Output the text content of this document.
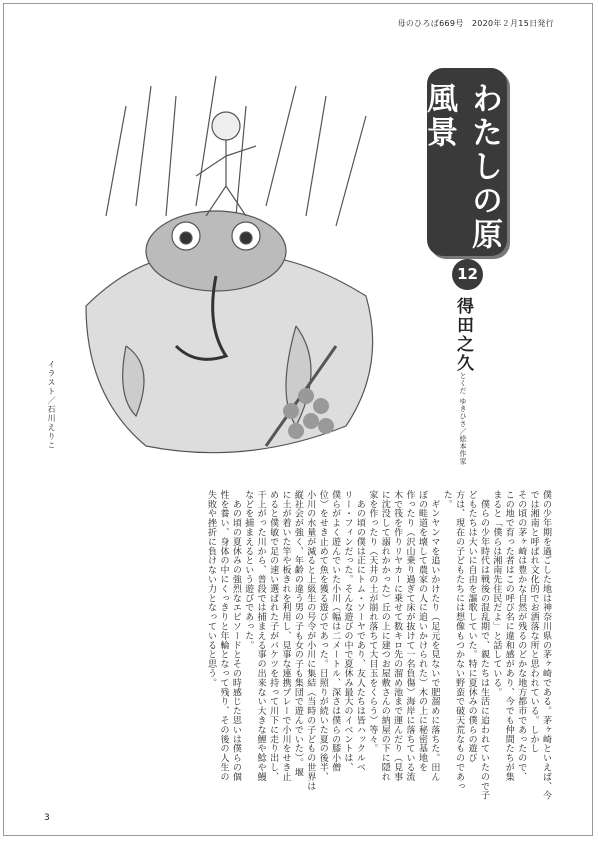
母のひろば669号　2020年２月15日発行
イラスト／石川えりこ
わたしの原風景
12
得田之久
とくだ ゆきひさ／絵本作家
僕の少年期を過ごした地は神奈川県の茅ヶ崎である。茅ヶ崎といえば、今では湘南と呼ばれ文化的でお洒落な所と思われている。しかし
その頃の茅ヶ崎は豊かな自然が残るのどかな地方都市であったので、
この地で育った者はこの呼び名に違和感があり、今でも仲間たちが集
まると「僕らは湘南先住民だよ」と話している。
　僕らの少年時代は戦後の混乱期で、親たちは生活に追われていたので子どもたちは大いに自由を謳歌していた。特に夏休みの僕らの遊び
方は、現在の子どもたちには想像もつかない野蛮で破天荒なものであった。
　ギンヤンマを追いかけたり（足元を見ないで肥溜めに落ちた。田ん
ぼの畦道を壊して農家の人に追いかけられた）木の上に秘密基地を
作ったり（沢山乗り過ぎて床が抜けて一名負傷）海岸に落ちている流
木で筏を作りリヤカーに乗せて数キロ先の溜め池まで運んだり（見事
に沈没して溺れかかった）丘の上に建つお屋敷さんの納屋の下に隠れ
家を作ったり（天井の土が崩れ落ちて大目玉をくらう）等々。
　あの頃の僕は正にトム・ソーヤであり、友人たちは皆ハックルベ
リー・フィンだった。そんな遊びの中で夏休み最大のイベントは、
僕らがよく遊んでいた小川（幅は二メートル、深さは僕らの膝小僧
位）をせき止めて魚を獲る遊びであった。日照りが続いた夏の後半、
小川の水量が減ると上級生の号令が小川に集結（当時の子どもの世界は
縦社会が強く、年齢の違う男の子も女の子も集団で遊んでいた）。堰
に土が着いた竿や板きれを利用し、見事な連携プレーで小川をせき止
めると僕敏で足の速い選ばれた子がバケツを持って川下に走り出し、
干上がった川から、普段では捕まえる事の出来ない大きな鯉や鯰や鰻
などを捕まえるという遊びであった。
　あの頃の夏休みの強烈なエピソードとその時感じた思いは僕らの個
性を養い、身体の中にくっきりと年輪となって残り、その後の人生の
失敗や挫折に負けない力となっていると思う。
3
